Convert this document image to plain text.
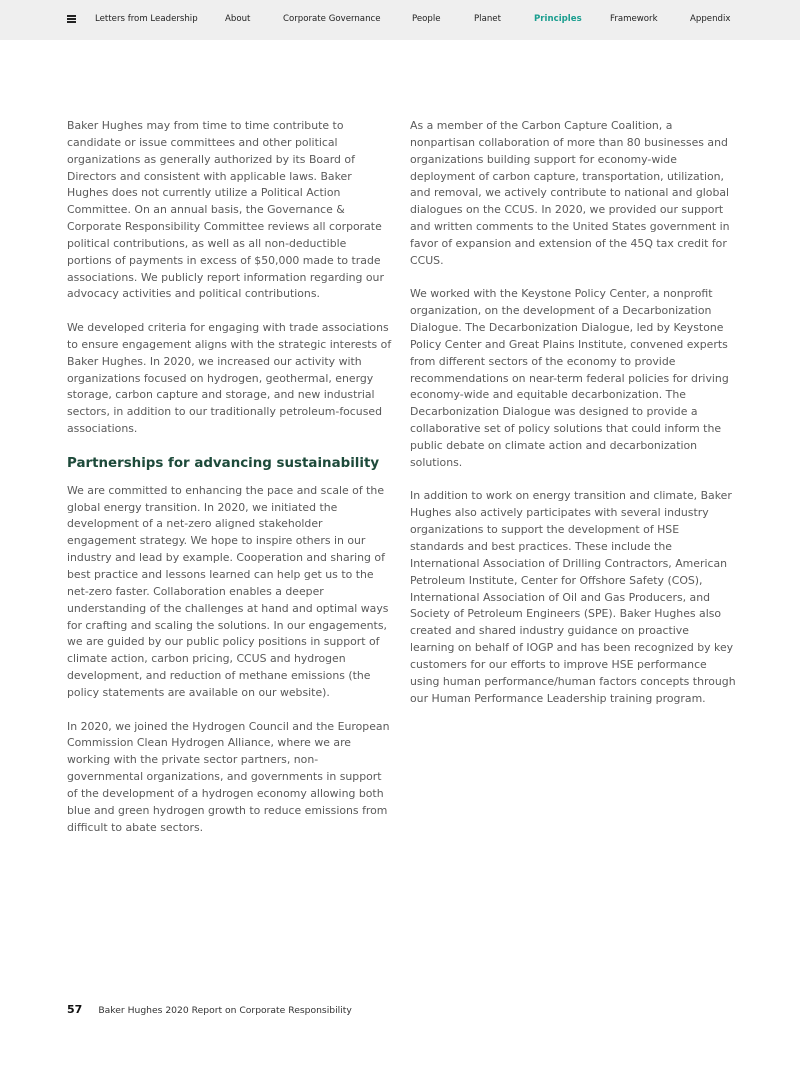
Letters from Leadership	About	Corporate Governance	People	Planet	Principles	Framework	Appendix

Baker Hughes may from time to time contribute to candidate or issue committees and other political organizations as generally authorized by its Board of Directors and consistent with applicable laws. Baker Hughes does not currently utilize a Political Action Committee. On an annual basis, the Governance & Corporate Responsibility Committee reviews all corporate political contributions, as well as all non-deductible portions of payments in excess of $50,000 made to trade associations. We publicly report information regarding our advocacy activities and political contributions.

We developed criteria for engaging with trade associations to ensure engagement aligns with the strategic interests of Baker Hughes. In 2020, we increased our activity with organizations focused on hydrogen, geothermal, energy storage, carbon capture and storage, and new industrial sectors, in addition to our traditionally petroleum-focused associations.

Partnerships for advancing sustainability

We are committed to enhancing the pace and scale of the global energy transition. In 2020, we initiated the development of a net-zero aligned stakeholder engagement strategy. We hope to inspire others in our industry and lead by example. Cooperation and sharing of best practice and lessons learned can help get us to the net-zero faster. Collaboration enables a deeper understanding of the challenges at hand and optimal ways for crafting and scaling the solutions. In our engagements, we are guided by our public policy positions in support of climate action, carbon pricing, CCUS and hydrogen development, and reduction of methane emissions (the policy statements are available on our website).

In 2020, we joined the Hydrogen Council and the European Commission Clean Hydrogen Alliance, where we are working with the private sector partners, non-governmental organizations, and governments in support of the development of a hydrogen economy allowing both blue and green hydrogen growth to reduce emissions from difficult to abate sectors.

As a member of the Carbon Capture Coalition, a nonpartisan collaboration of more than 80 businesses and organizations building support for economy-wide deployment of carbon capture, transportation, utilization, and removal, we actively contribute to national and global dialogues on the CCUS. In 2020, we provided our support and written comments to the United States government in favor of expansion and extension of the 45Q tax credit for CCUS.

We worked with the Keystone Policy Center, a nonprofit organization, on the development of a Decarbonization Dialogue. The Decarbonization Dialogue, led by Keystone Policy Center and Great Plains Institute, convened experts from different sectors of the economy to provide recommendations on near-term federal policies for driving economy-wide and equitable decarbonization. The Decarbonization Dialogue was designed to provide a collaborative set of policy solutions that could inform the public debate on climate action and decarbonization solutions.

In addition to work on energy transition and climate, Baker Hughes also actively participates with several industry organizations to support the development of HSE standards and best practices. These include the International Association of Drilling Contractors, American Petroleum Institute, Center for Offshore Safety (COS), International Association of Oil and Gas Producers, and Society of Petroleum Engineers (SPE). Baker Hughes also created and shared industry guidance on proactive learning on behalf of IOGP and has been recognized by key customers for our efforts to improve HSE performance using human performance/human factors concepts through our Human Performance Leadership training program.

57 Baker Hughes 2020 Report on Corporate Responsibility
